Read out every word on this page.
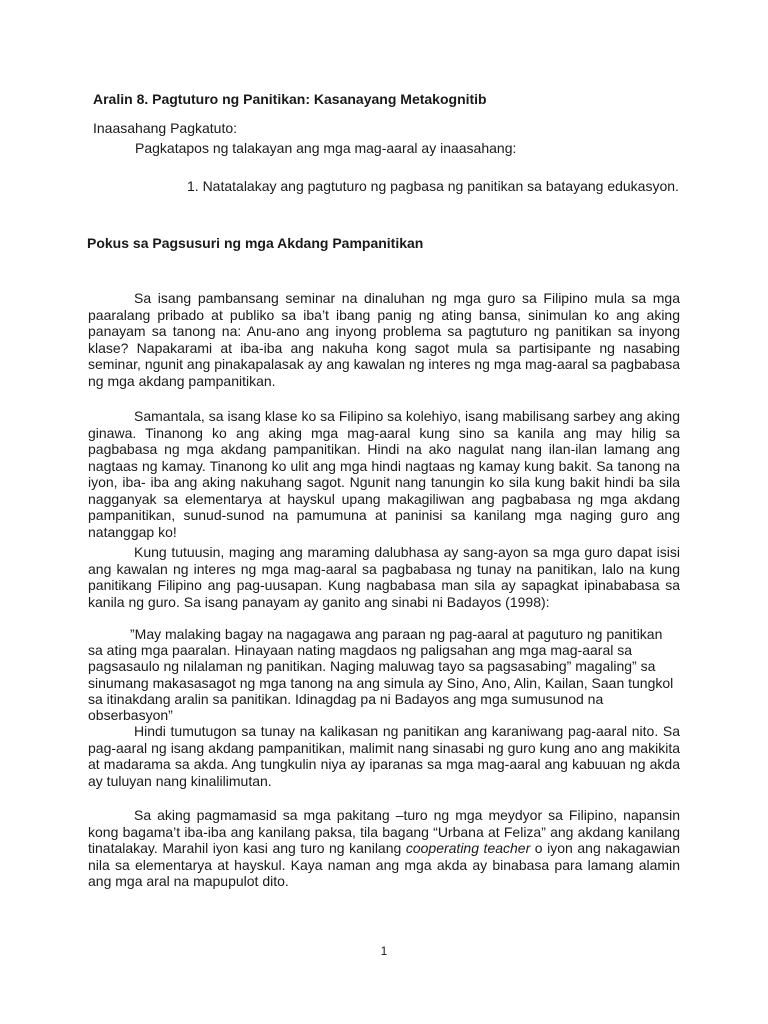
Aralin 8. Pagtuturo ng Panitikan: Kasanayang Metakognitib
Inaasahang Pagkatuto:
Pagkatapos ng talakayan ang mga mag-aaral ay inaasahang:
1. Natatalakay ang pagtuturo ng pagbasa ng panitikan sa batayang edukasyon.
Pokus sa Pagsusuri ng mga Akdang Pampanitikan

Sa isang pambansang seminar na dinaluhan ng mga guro sa Filipino mula sa mga paaralang pribado at publiko sa iba’t ibang panig ng ating bansa, sinimulan ko ang aking panayam sa tanong na: Anu-ano ang inyong problema sa pagtuturo ng panitikan sa inyong klase? Napakarami at iba-iba ang nakuha kong sagot mula sa partisipante ng nasabing seminar, ngunit ang pinakapalasak ay ang kawalan ng interes ng mga mag-aaral sa pagbabasa ng mga akdang pampanitikan.

Samantala, sa isang klase ko sa Filipino sa kolehiyo, isang mabilisang sarbey ang aking ginawa. Tinanong ko ang aking mga mag-aaral kung sino sa kanila ang may hilig sa pagbabasa ng mga akdang pampanitikan. Hindi na ako nagulat nang ilan-ilan lamang ang nagtaas ng kamay. Tinanong ko ulit ang mga hindi nagtaas ng kamay kung bakit. Sa tanong na iyon, iba- iba ang aking nakuhang sagot. Ngunit nang tanungin ko sila kung bakit hindi ba sila nagganyak sa elementarya at hayskul upang makagiliwan ang pagbabasa ng mga akdang pampanitikan, sunud-sunod na pamumuna at paninisi sa kanilang mga naging guro ang natanggap ko!

Kung tutuusin, maging ang maraming dalubhasa ay sang-ayon sa mga guro dapat isisi ang kawalan ng interes ng mga mag-aaral sa pagbabasa ng tunay na panitikan, lalo na kung panitikang Filipino ang pag-uusapan. Kung nagbabasa man sila ay sapagkat ipinababasa sa kanila ng guro. Sa isang panayam ay ganito ang sinabi ni Badayos (1998):

”May malaking bagay na nagagawa ang paraan ng pag-aaral at paguturo ng panitikan sa ating mga paaralan. Hinayaan nating magdaos ng paligsahan ang mga mag-aaral sa pagsasaulo ng nilalaman ng panitikan. Naging maluwag tayo sa pagsasabing” magaling” sa sinumang makasasagot ng mga tanong na ang simula ay Sino, Ano, Alin, Kailan, Saan tungkol sa itinakdang aralin sa panitikan. Idinagdag pa ni Badayos ang mga sumusunod na obserbasyon”

Hindi tumutugon sa tunay na kalikasan ng panitikan ang karaniwang pag-aaral nito. Sa pag-aaral ng isang akdang pampanitikan, malimit nang sinasabi ng guro kung ano ang makikita at madarama sa akda. Ang tungkulin niya ay iparanas sa mga mag-aaral ang kabuuan ng akda ay tuluyan nang kinalilimutan.

Sa aking pagmamasid sa mga pakitang –turo ng mga meydyor sa Filipino, napansin kong bagama’t iba-iba ang kanilang paksa, tila bagang “Urbana at Feliza” ang akdang kanilang tinatalakay. Marahil iyon kasi ang turo ng kanilang cooperating teacher o iyon ang nakagawian nila sa elementarya at hayskul. Kaya naman ang mga akda ay binabasa para lamang alamin ang mga aral na mapupulot dito.

1
